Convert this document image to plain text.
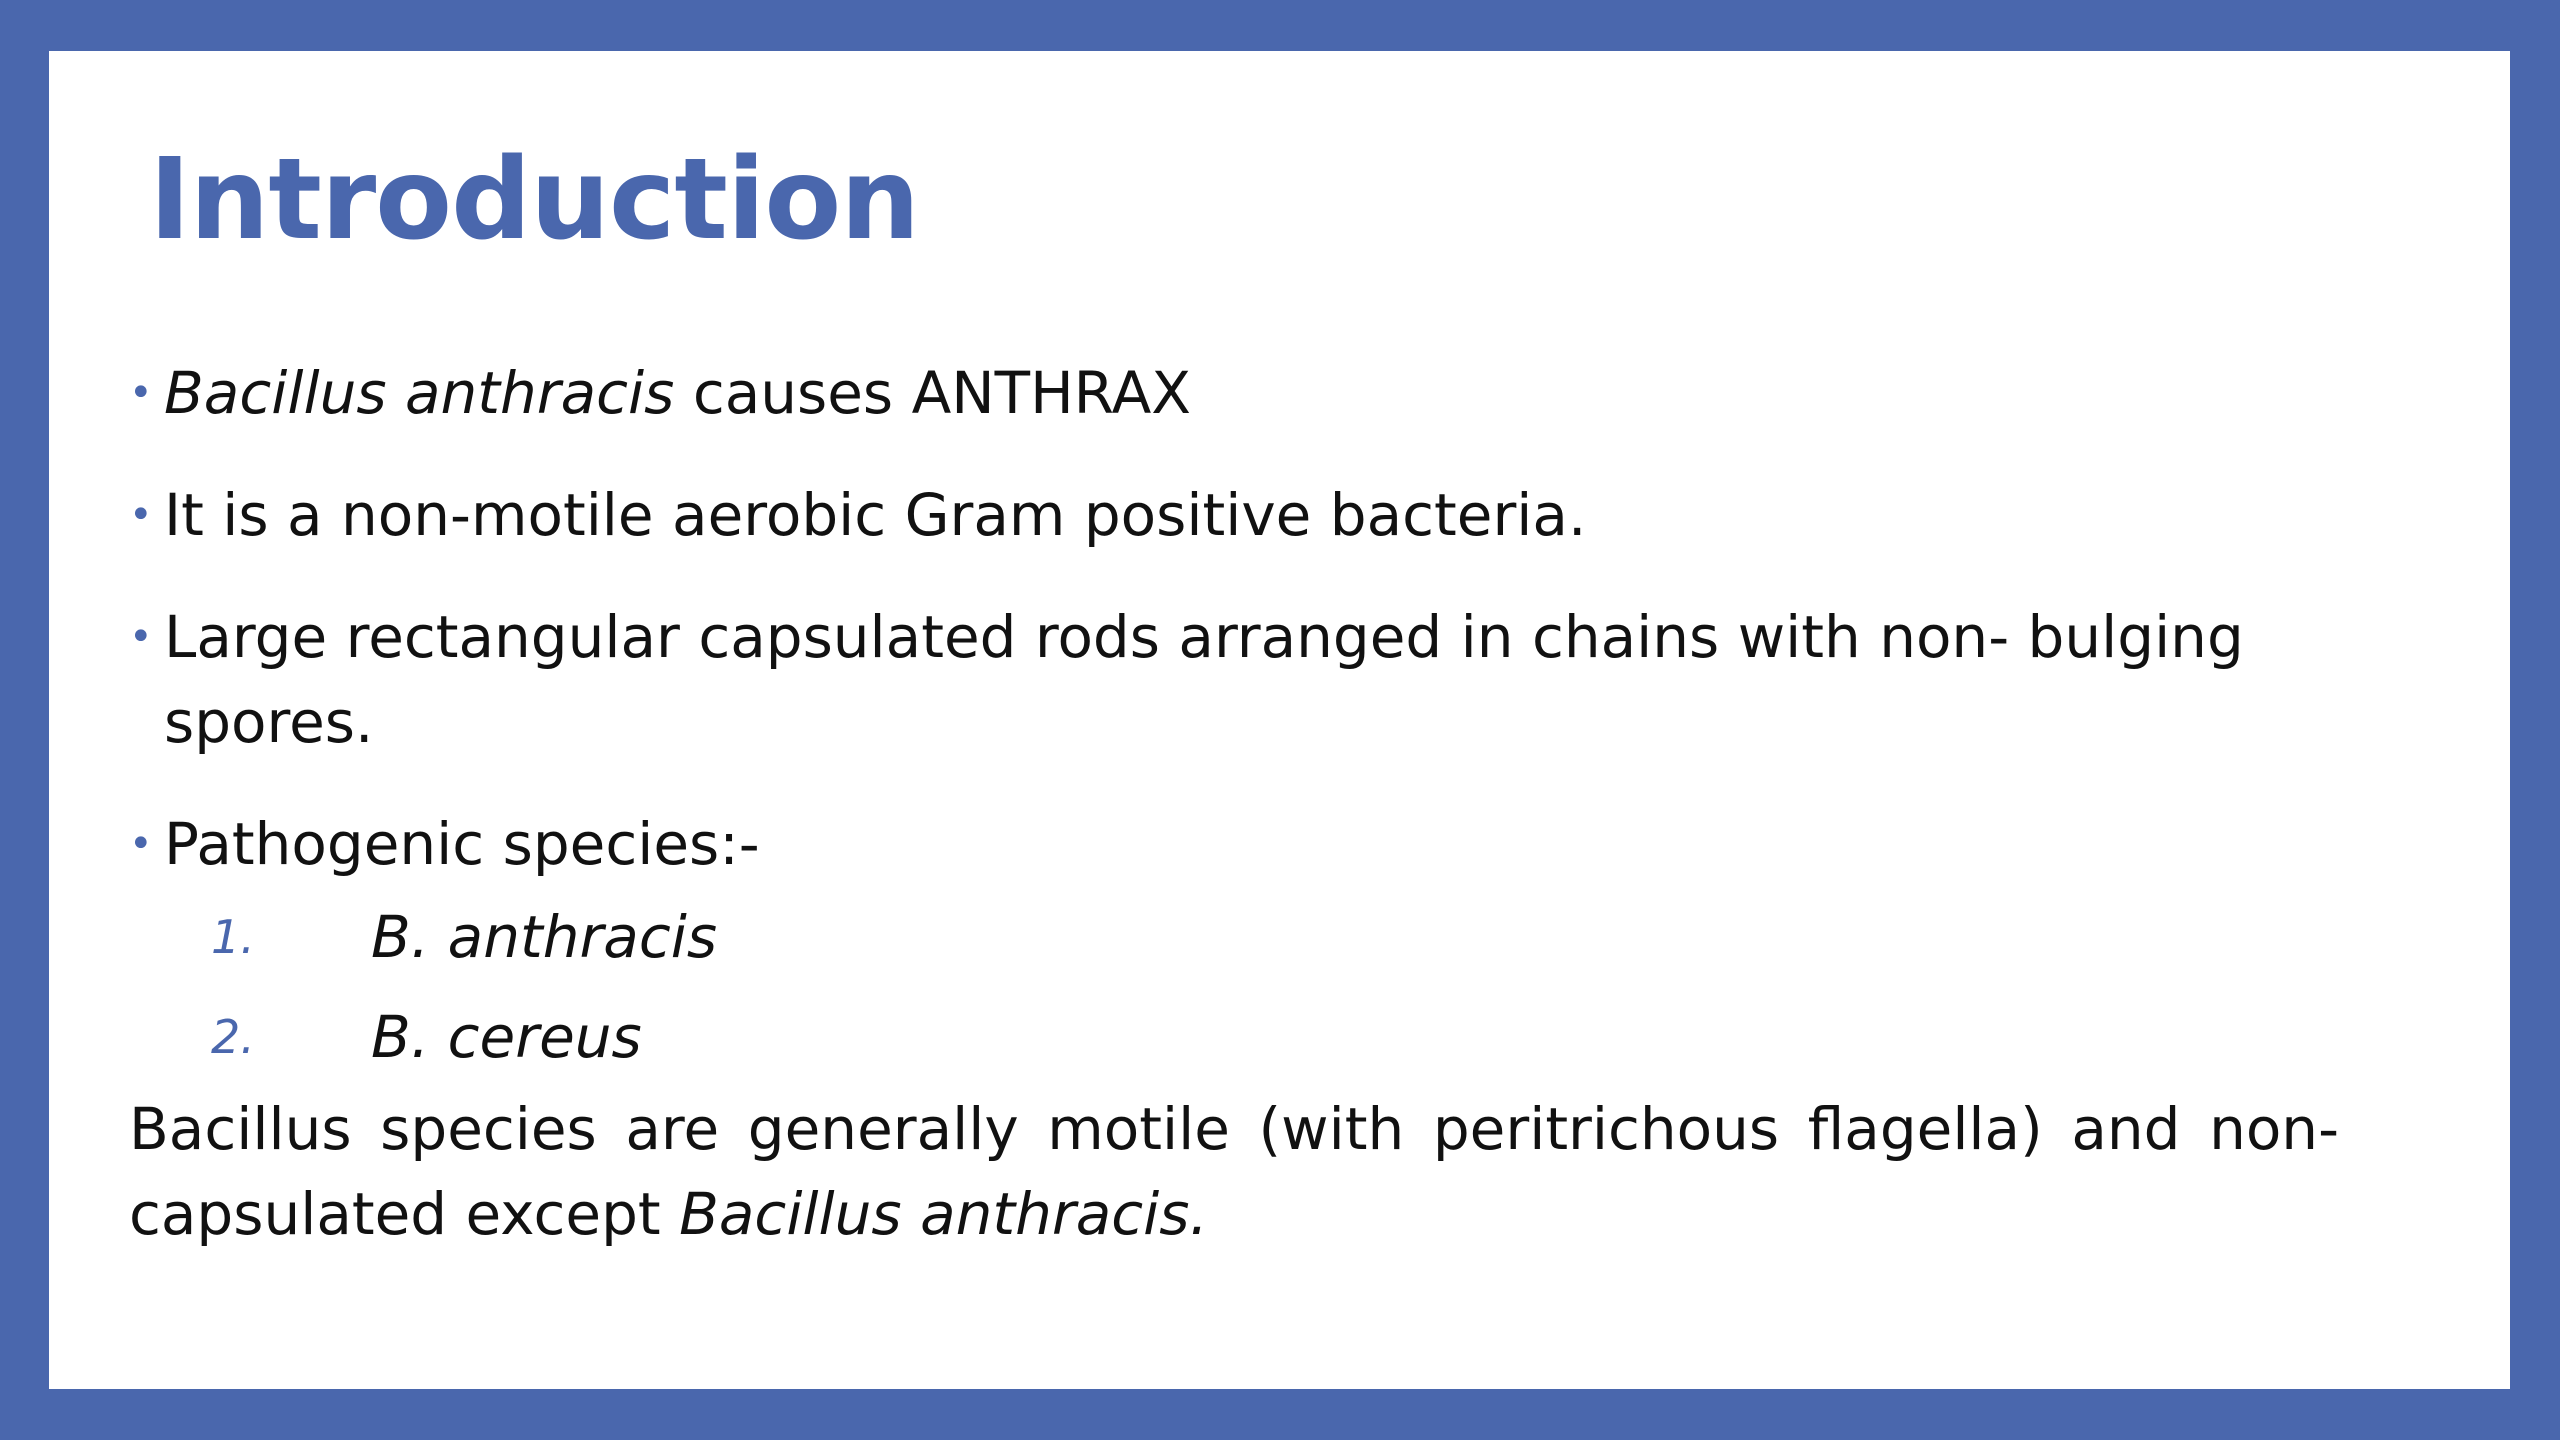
Introduction
• Bacillus anthracis causes ANTHRAX
• It is a non-motile aerobic Gram positive bacteria.
• Large rectangular capsulated rods arranged in chains with non- bulging spores.
• Pathogenic species:-
1. B. anthracis
2. B. cereus

Bacillus species are generally motile (with peritrichous flagella) and non-capsulated except Bacillus anthracis.
